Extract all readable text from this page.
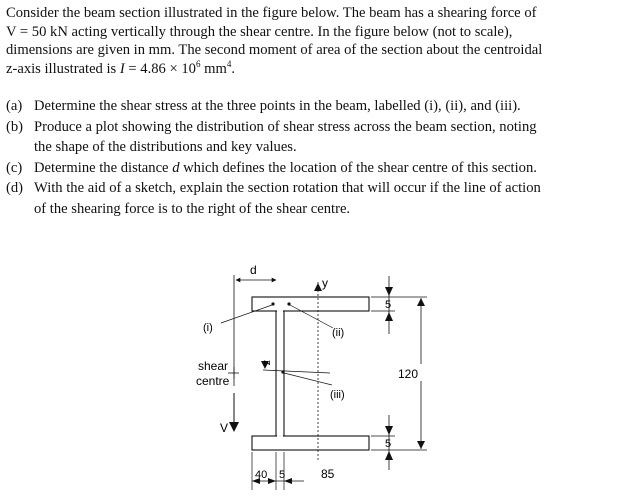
Consider the beam section illustrated in the figure below. The beam has a shearing force of

V = 50 kN acting vertically through the shear centre. In the figure below (not to scale),

dimensions are given in mm. The second moment of area of the section about the centroidal

z-axis illustrated is $I = 4.86 \times 10^6$ $mm^4$.

(a) Determine the shear stress at the three points in the beam, labelled (i), (ii), and (iii).
(b) Produce a plot showing the distribution of shear stress across the beam section, noting
the shape of the distributions and key values.
(c) Determine the distance d which defines the location of the shear centre of this section.
(d) With the aid of a sketch, explain the section rotation that will occur if the line of action
of the shearing force is to the right of the shear centre.
y
z
d
(i)	(ii)
(iii)
shear
centre
V
5
5
120
40 5	85
